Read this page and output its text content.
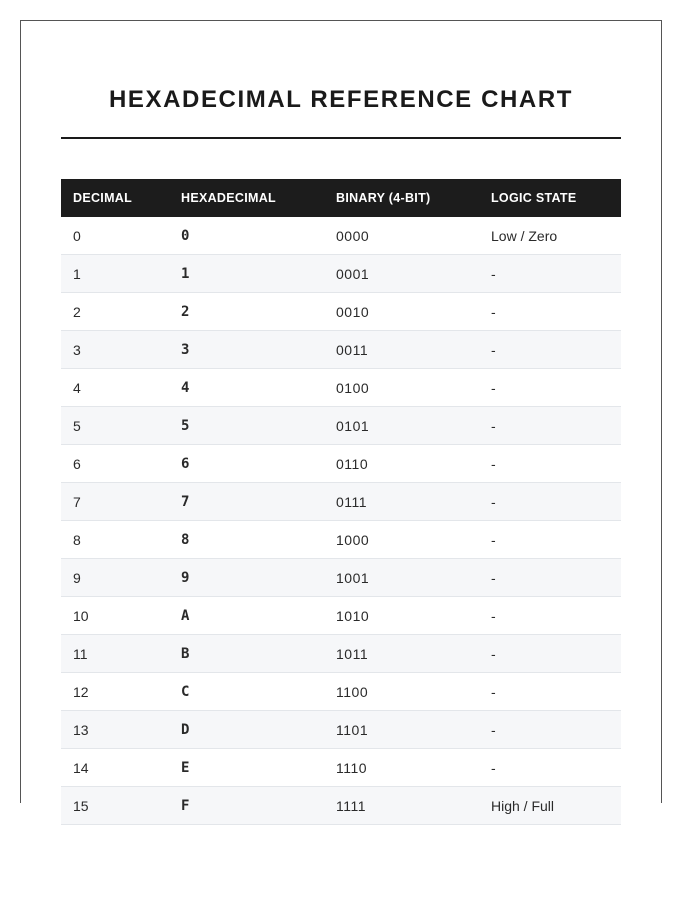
HEXADECIMAL REFERENCE CHART
DECIMAL	HEXADECIMAL	BINARY (4-BIT)	LOGIC STATE
0	0	0000	Low / Zero
1	1	0001	-
2	2	0010	-
3	3	0011	-
4	4	0100	-
5	5	0101	-
6	6	0110	-
7	7	0111	-
8	8	1000	-
9	9	1001	-
10	A	1010	-
11	B	1011	-
12	C	1100	-
13	D	1101	-
14	E	1110	-
15	F	1111	High / Full
